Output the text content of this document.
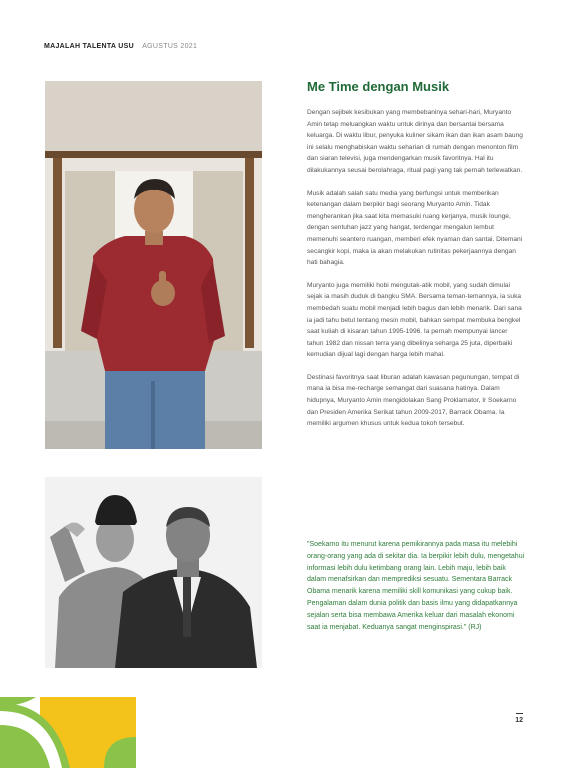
MAJALAH TALENTA USU AGUSTUS 2021
Me Time dengan Musik

Dengan sejibek kesibukan yang membebaninya sehari-hari, Muryanto Amin tetap meluangkan waktu untuk dirinya dan bersantai bersama keluarga. Di waktu libur, penyuka kuliner sikam ikan dan ikan asam baung ini selalu menghabiskan waktu seharian di rumah dengan menonton film dan siaran televisi, juga mendengarkan musik favoritnya. Hal itu dilakukannya seusai berolahraga, ritual pagi yang tak pernah terlewatkan.

Musik adalah salah satu media yang berfungsi untuk memberikan ketenangan dalam berpikir bagi seorang Muryanto Amin. Tidak mengherankan jika saat kita memasuki ruang kerjanya, musik lounge, dengan sentuhan jazz yang hangat, terdengar mengalun lembut memenuhi seantero ruangan, memberi efek nyaman dan santai. Ditemani secangkir kopi, maka ia akan melakukan rutinitas pekerjaannya dengan hati bahagia.

Muryanto juga memiliki hobi mengutak-atik mobil, yang sudah dimulai sejak ia masih duduk di bangku SMA. Bersama teman-temannya, ia suka membedah suatu mobil menjadi lebih bagus dan lebih menarik. Dari sana ia jadi tahu betul tentang mesin mobil, bahkan sempat membuka bengkel saat kuliah di kisaran tahun 1995-1996. Ia pernah mempunyai lancer tahun 1982 dan nissan terra yang dibelinya seharga 25 juta, diperbaiki kemudian dijual lagi dengan harga lebih mahal.

Destinasi favoritnya saat liburan adalah kawasan pegunungan, tempat di mana ia bisa me-recharge semangat dari suasana hatinya. Dalam hidupnya, Muryanto Amin mengidolakan Sang Proklamator, Ir Soekarno dan Presiden Amerika Serikat tahun 2009-2017, Barrack Obama. Ia memiliki argumen khusus untuk kedua tokoh tersebut.

"Soekarno itu menurut karena pemikirannya pada masa itu melebihi orang-orang yang ada di sekitar dia. Ia berpikir lebih dulu, mengetahui informasi lebih dulu ketimbang orang lain. Lebih maju, lebih baik dalam menafsirkan dan memprediksi sesuatu. Sementara Barrack Obama menarik karena memiliki skill komunikasi yang cukup baik. Pengalaman dalam dunia politik dan basis ilmu yang didapatkannya sejalan serta bisa membawa Amerika keluar dari masalah ekonomi saat ia menjabat. Keduanya sangat menginspirasi." (RJ)

12
